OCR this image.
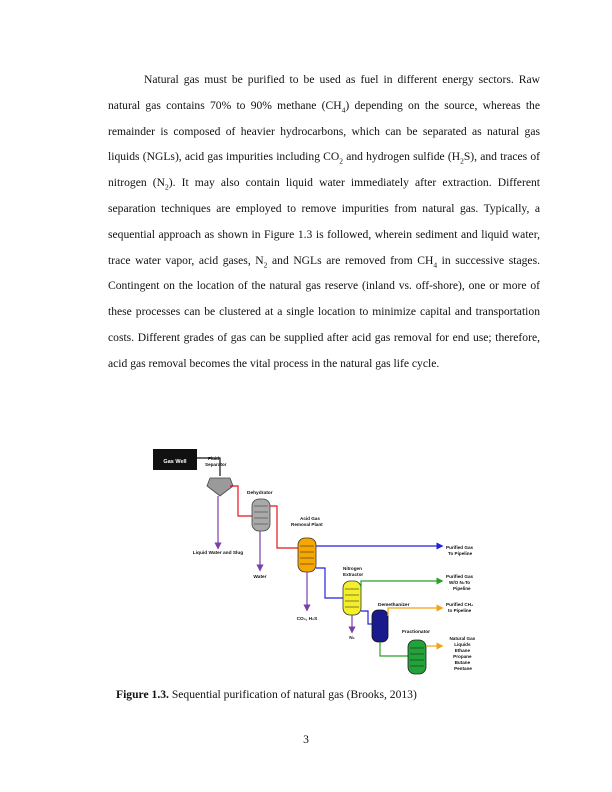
Natural gas must be purified to be used as fuel in different energy sectors. Raw natural gas contains 70% to 90% methane $(CH_4)$ depending on the source, whereas the remainder is composed of heavier hydrocarbons, which can be separated as natural gas liquids (NGLs), acid gas impurities including $CO_2$ and hydrogen sulfide $(H_2S)$, and traces of nitrogen $(N_2)$. It may also contain liquid water immediately after extraction. Different separation techniques are employed to remove impurities from natural gas. Typically, a sequential approach as shown in Figure 1.3 is followed, wherein sediment and liquid water, trace water vapor, acid gases, $N_2$ and NGLs are removed from $CH_4$ in successive stages. Contingent on the location of the natural gas reserve (inland vs. off-shore), one or more of these processes can be clustered at a single location to minimize capital and transportation costs. Different grades of gas can be supplied after acid gas removal for end use; therefore, acid gas removal becomes the vital process in the natural gas life cycle.

Gas Well
Fluid Separator
Liquid Water and Slug
Dehydrator
Water
Acid Gas Removal Plant
CO₂, H₂S
Purified Gas To Pipeline
Nitrogen Extractor
N₂
Purified Gas W/O N₂To Pipeline
Demethanizer	Purified CH₄ to Pipeline
Fractionator
Natural Gas Liquids Ethane Propane Butane Pentane
Figure 1.3. Sequential purification of natural gas (Brooks, 2013)
3
